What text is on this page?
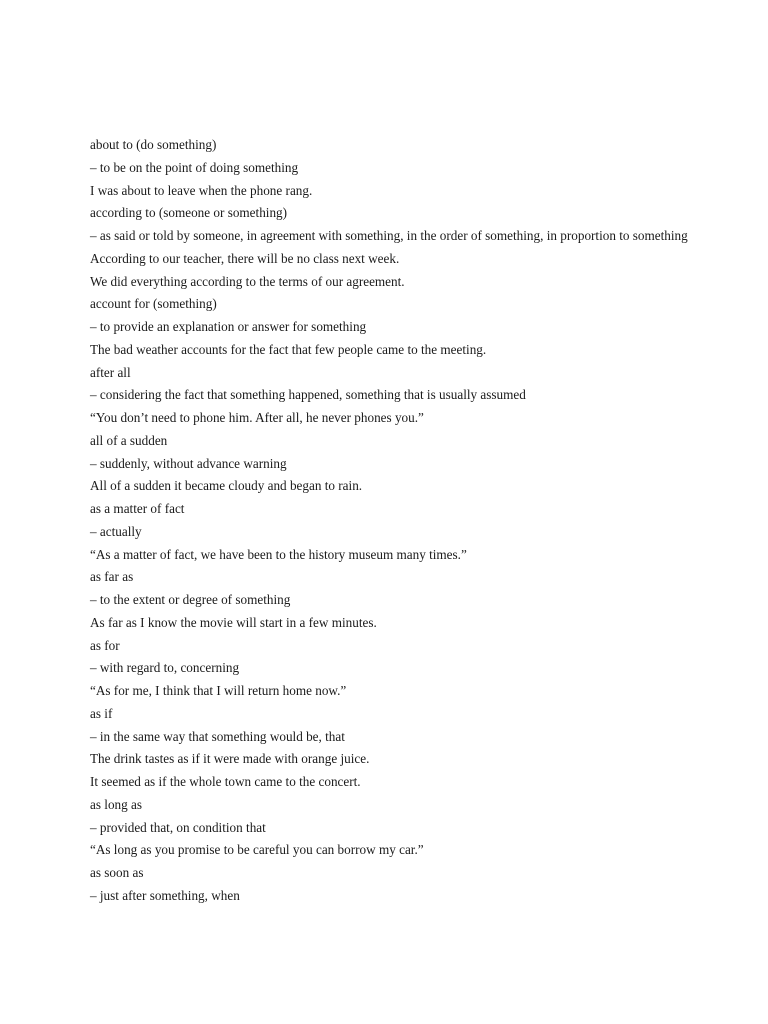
about to (do something)
– to be on the point of doing something
I was about to leave when the phone rang.
according to (someone or something)
– as said or told by someone, in agreement with something, in the order of something, in proportion to something
According to our teacher, there will be no class next week.
We did everything according to the terms of our agreement.
account for (something)
– to provide an explanation or answer for something
The bad weather accounts for the fact that few people came to the meeting.
after all
– considering the fact that something happened, something that is usually assumed
“You don’t need to phone him. After all, he never phones you.”
all of a sudden
– suddenly, without advance warning
All of a sudden it became cloudy and began to rain.
as a matter of fact
– actually
“As a matter of fact, we have been to the history museum many times.”
as far as
– to the extent or degree of something
As far as I know the movie will start in a few minutes.
as for
– with regard to, concerning
“As for me, I think that I will return home now.”
as if
– in the same way that something would be, that
The drink tastes as if it were made with orange juice.
It seemed as if the whole town came to the concert.
as long as
– provided that, on condition that
“As long as you promise to be careful you can borrow my car.”
as soon as
– just after something, when
